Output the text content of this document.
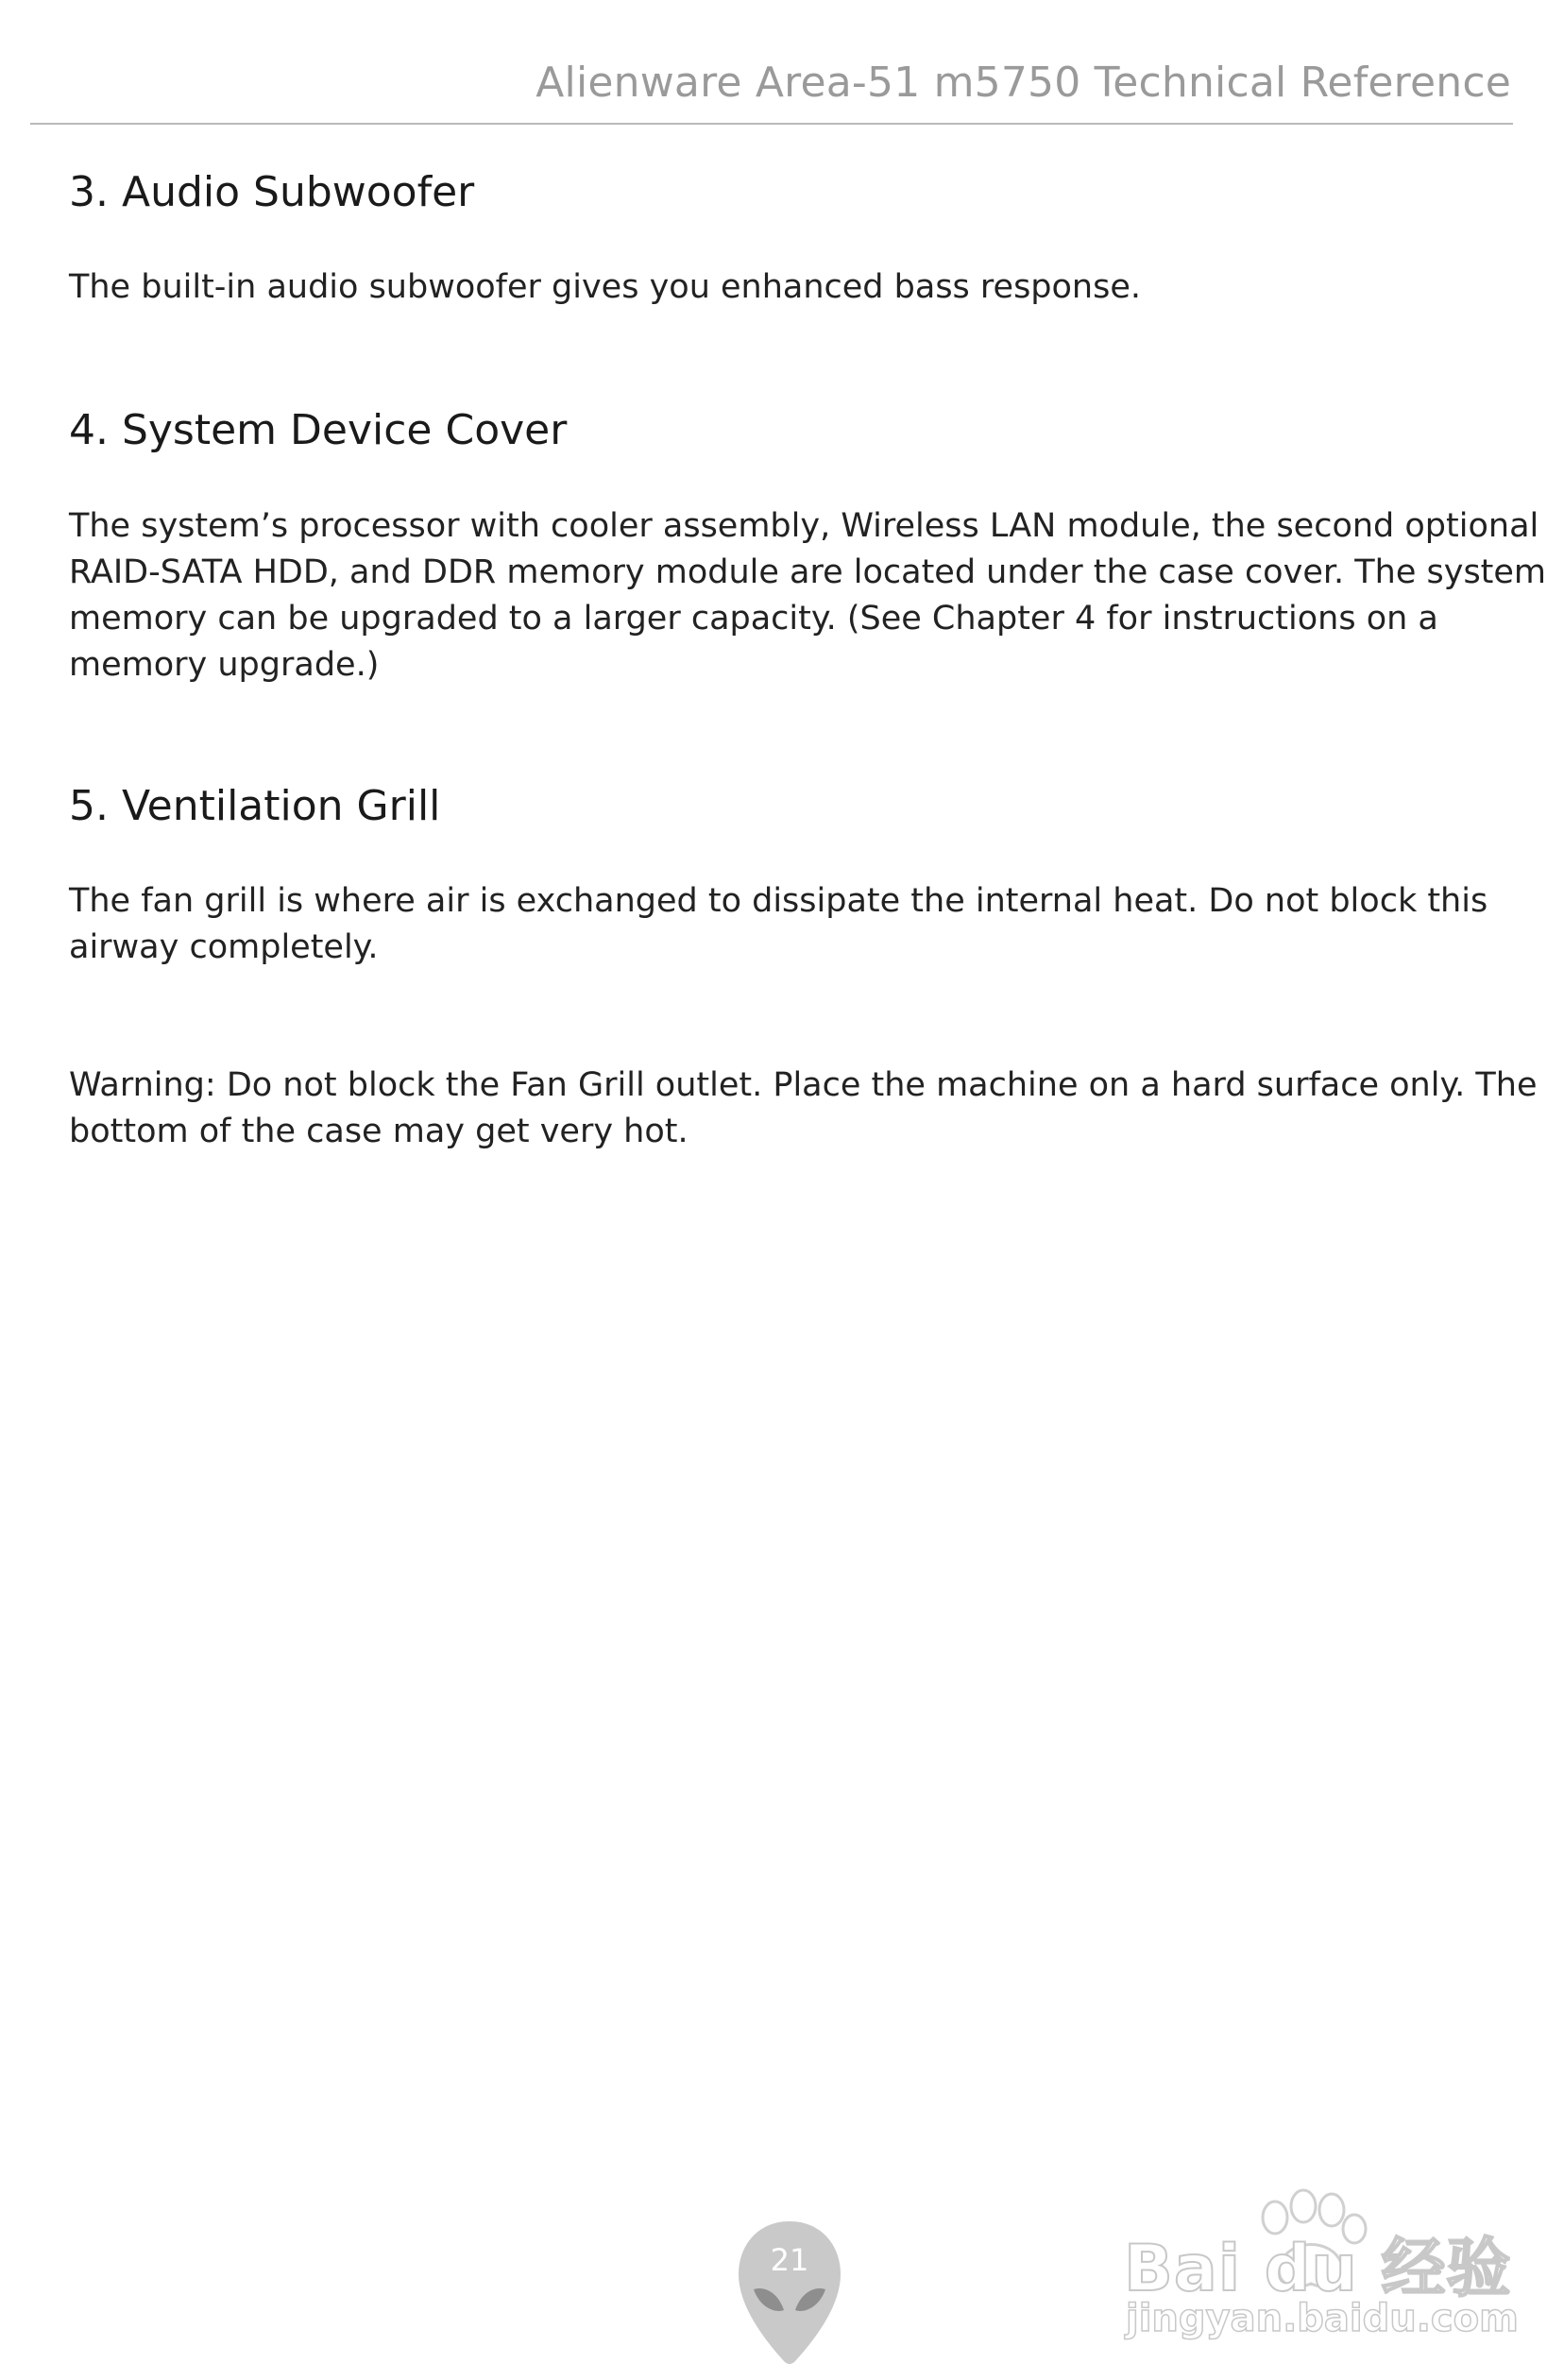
Alienware Area-51 m5750 Technical Reference
3. Audio Subwoofer

The built-in audio subwoofer gives you enhanced bass response.

4. System Device Cover

The system’s processor with cooler assembly, Wireless LAN module, the second optional
RAID-SATA HDD, and DDR memory module are located under the case cover. The system
memory can be upgraded to a larger capacity. (See Chapter 4 for instructions on a
memory upgrade.)

5. Ventilation Grill

The fan grill is where air is exchanged to dissipate the internal heat. Do not block this
airway completely.

Warning: Do not block the Fan Grill outlet. Place the machine on a hard surface only. The
bottom of the case may get very hot.

21	Bai du 经验
jingyan.baidu.com
